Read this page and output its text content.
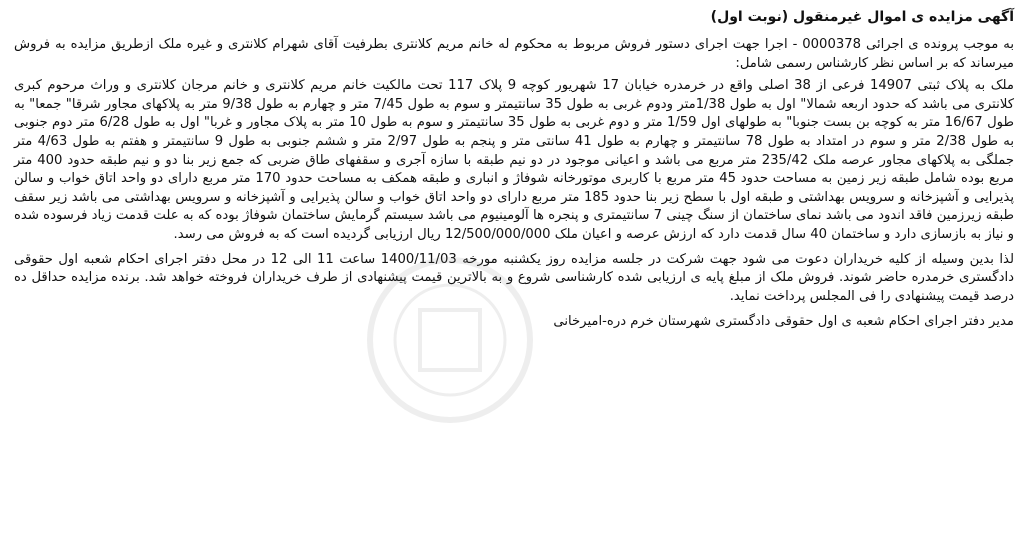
آگهی مزایده ی اموال غیرمنقول (نوبت اول)

به موجب پرونده ی اجرائی 0000378 - اجرا جهت اجرای دستور فروش مربوط به محکوم له خانم مریم کلانتری بطرفیت آقای شهرام کلانتری و غیره ملک ازطریق مزایده به فروش میرساند که بر اساس نظر کارشناس رسمی شامل:

ملک به پلاک ثبتی 14907 فرعی از 38 اصلی واقع در خرمدره خیابان 17 شهریور کوچه 9 پلاک 117 تحت مالکیت خانم مریم کلانتری و خانم مرجان کلانتری و وراث مرحوم کبری کلانتری می باشد که حدود اربعه شمالا" اول به طول 1/38متر ودوم غربی به طول 35 سانتیمتر و سوم به طول 7/45 متر و چهارم به طول 9/38 متر به پلاکهای مجاور شرقا" جمعا" به طول 16/67 متر به کوچه بن بست جنوبا" به طولهای اول 1/59 متر و دوم غربی به طول 35 سانتیمتر و سوم به طول 10 متر به پلاک مجاور و غربا" اول به طول 6/28 متر دوم جنوبی به طول 2/38 متر و سوم در امتداد به طول 78 سانتیمتر و چهارم به طول 41 سانتی متر و پنجم به طول 2/97 متر و ششم جنوبی به طول 9 سانتیمتر و هفتم به طول 4/63 متر جملگی به پلاکهای مجاور عرصه ملک 235/42 متر مربع می باشد و اعیانی موجود در دو نیم طبقه با سازه آجری و سقفهای طاق ضربی که جمع زیر بنا دو و نیم طبقه حدود 400 متر مربع بوده شامل طبقه زیر زمین به مساحت حدود 45 متر مربع با کاربری موتورخانه شوفاژ و انباری و طبقه همکف به مساحت حدود 170 متر مربع دارای دو واحد اتاق خواب و سالن پذیرایی و آشپزخانه و سرویس بهداشتی و طبقه اول با سطح زیر بنا حدود 185 متر مربع دارای دو واحد اتاق خواب و سالن پذیرایی و آشپزخانه و سرویس بهداشتی می باشد زیر سقف طبقه زیرزمین فاقد اندود می باشد نمای ساختمان از سنگ چینی 7 سانتیمتری و پنجره ها آلومینیوم می باشد سیستم گرمایش ساختمان شوفاژ بوده که به علت قدمت زیاد فرسوده شده و نیاز به بازسازی دارد و ساختمان 40 سال قدمت دارد که ارزش عرصه و اعیان ملک 12/500/000/000 ریال ارزیابی گردیده است که به فروش می رسد.

لذا بدین وسیله از کلیه خریداران دعوت می شود جهت شرکت در جلسه مزایده روز یکشنبه مورخه 1400/11/03 ساعت 11 الی 12 در محل دفتر اجرای احکام شعبه اول حقوقی دادگستری خرمدره حاضر شوند. فروش ملک از مبلغ پایه ی ارزیابی شده کارشناسی شروع و به بالاترین قیمت پیشنهادی از طرف خریداران فروخته خواهد شد. برنده مزایده حداقل ده درصد قیمت پیشنهادی را فی المجلس پرداخت نماید.

مدیر دفتر اجرای احکام شعبه ی اول حقوقی دادگستری شهرستان خرم دره-امیرخانی
